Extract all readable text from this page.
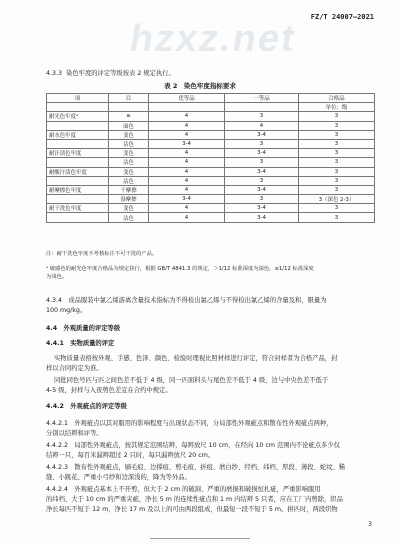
hzxz.net
FZ/T 24007—2021
4.3.3 染色牢度的评定等级按表 2 规定执行。
表 2　染色牢度指标要求
项	目	优等品	一等品	合格品
				单位：级
耐光色牢度ᵃ	≥	4	3	3
	面色	4	4	3
耐水色牢度	变色	4	3-4	3
	沾色	3-4	3	3
耐汗渍色牢度	变色	4	3-4	3
	沾色	4	3	3
耐酸汗渍色牢度	变色	4	3-4	3
	沾色	4	3	3
耐摩擦色牢度	干摩擦	4	3-4	3
	湿摩擦	3-4	3	3（深色 2-3）
耐干洗色牢度	变色	4	3-4	3
	沾色	4	3-4	3
注：耐干洗色牢度不考核标注不可干洗的产品。
ᵃ 敏感色的耐光色牢度合格品为规定执行，根据 GB/T 4841.3 的规定，＞1/12 标准深度为深色，≤1/12 标准深度
为浅色。
4.3.4　成品服装中氯乙烯游离含量技术指标为不得检出氯乙烯与不得检出氯乙烯的含量及和，限量为
100 mg/kg。
4.4　外观质量的评定等级
4.4.1　实物质量的评定
实物质量表格按外观、手感、色泽、颜色、检验时理视比照材样进行评定，符合封样者为合格产品，封
样以合同约定为准。
同批同色号匹与匹之间色差不低于 4 级，同一匹面料头与尾色差不低于 4 级，边与中央色差不低于
4-5 级，封样与入夜剪色差宜在合约中规定。
4.4.2　外观疵点的评定等级
4.4.2.1　外观疵点以其对服用的影响程度与出现状态不同，分局部性外观疵点和散布性外观疵点两种，
分别以结辫和评等。
4.4.2.2　局部性外观疵点，按其规定范围结辫，每辫放尺 10 cm，在经向 10 cm 范围内不论疵点多少仅
结辫一只，每百米漏辫超过 2 只时，每只漏辫放尺 20 cm。
4.4.2.3　散布性外观疵点，刷毛痕、边撑痕、剪毛痕、折痕、磨白纱、经档、纬档、厚段、薄段、蛇纹、稀
缝、小跳花、严重小弓纱和边深浅的，降为等外品。
4.4.2.4　外观疵点基本上不开剪，但大于 2 cm 的破洞、严重的磨损和破损恒扎疵，严重影响服用
的纬档、大于 10 cm 的严重夹疵，净长 5 m 的连续性疵点和 1 m 内结辫 5 只者，应在工厂内剪除，织品
净长每匹不短于 12 m，净长 17 m 及以上的可由两段组成，但最短一段不短于 5 m。拼匹时，两段织物
3
